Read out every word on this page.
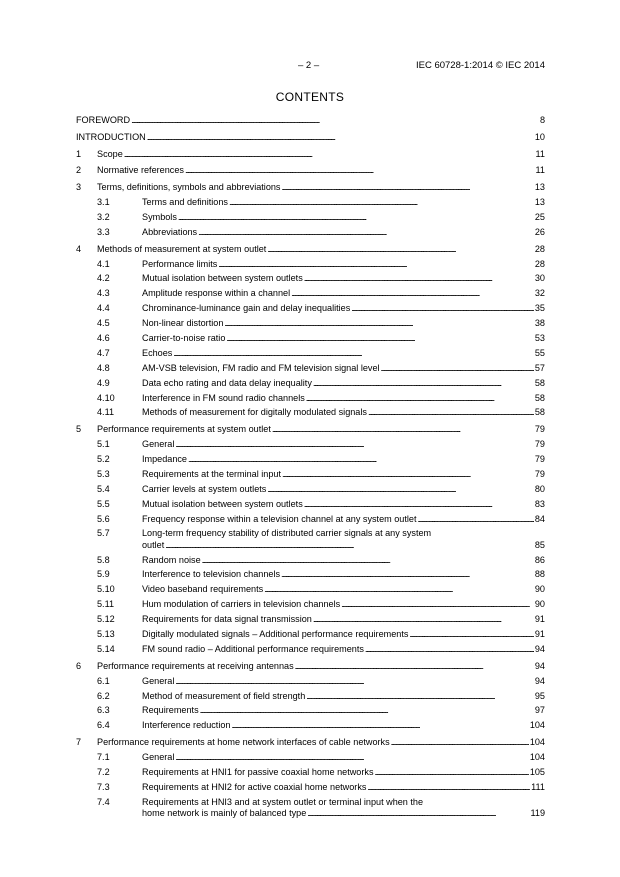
– 2 –	IEC 60728-1:2014 © IEC 2014
CONTENTS
FOREWORD . . .	8
INTRODUCTION . . .	10
1	Scope . . .	11
2	Normative references . . .	11
3	Terms, definitions, symbols and abbreviations . . .	13
3.1	Terms and definitions . . .	13
3.2	Symbols . . .	25
3.3	Abbreviations . . .	26
4	Methods of measurement at system outlet . . .	28
4.1	Performance limits . . .	28
4.2	Mutual isolation between system outlets . . .	30
4.3	Amplitude response within a channel . . .	32
4.4	Chrominance-luminance gain and delay inequalities . . .	35
4.5	Non-linear distortion . . .	38
4.6	Carrier-to-noise ratio . . .	53
4.7	Echoes . . .	55
4.8	AM-VSB television, FM radio and FM television signal level . . .	57
4.9	Data echo rating and data delay inequality . . .	58
4.10	Interference in FM sound radio channels . . .	58
4.11	Methods of measurement for digitally modulated signals . . .	58
5	Performance requirements at system outlet . . .	79
5.1	General . . .	79
5.2	Impedance . . .	79
5.3	Requirements at the terminal input . . .	79
5.4	Carrier levels at system outlets . . .	80
5.5	Mutual isolation between system outlets . . .	83
5.6	Frequency response within a television channel at any system outlet . . .	84
5.7	Long-term frequency stability of distributed carrier signals at any system
outlet . . .	85
5.8	Random noise . . .	86
5.9	Interference to television channels . . .	88
5.10	Video baseband requirements . . .	90
5.11	Hum modulation of carriers in television channels . . .	90
5.12	Requirements for data signal transmission . . .	91
5.13	Digitally modulated signals – Additional performance requirements . . .	91
5.14	FM sound radio – Additional performance requirements . . .	94
6	Performance requirements at receiving antennas . . .	94
6.1	General . . .	94
6.2	Method of measurement of field strength . . .	95
6.3	Requirements . . .	97
6.4	Interference reduction . . .	104
7	Performance requirements at home network interfaces of cable networks . . .	104
7.1	General . . .	104
7.2	Requirements at HNI1 for passive coaxial home networks . . .	105
7.3	Requirements at HNI2 for active coaxial home networks . . .	111
7.4	Requirements at HNI3 and at system outlet or terminal input when the
home network is mainly of balanced type . . .	119
